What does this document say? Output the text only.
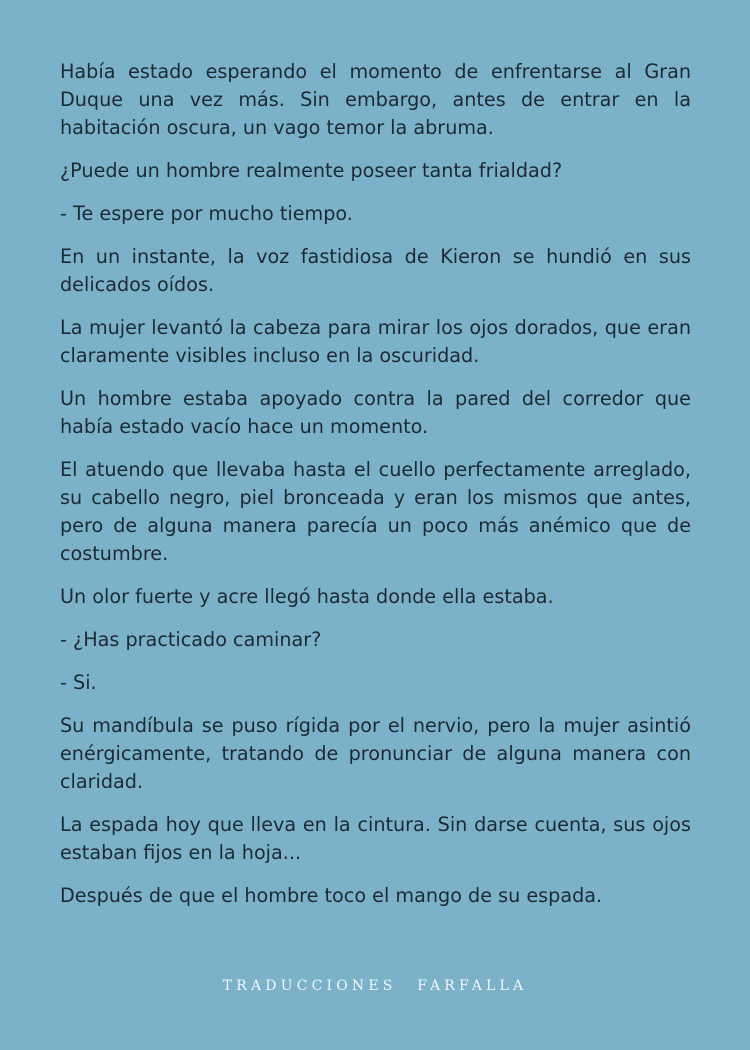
Había estado esperando el momento de enfrentarse al Gran Duque una vez más. Sin embargo, antes de entrar en la habitación oscura, un vago temor la abruma.

¿Puede un hombre realmente poseer tanta frialdad?

- Te espere por mucho tiempo.

En un instante, la voz fastidiosa de Kieron se hundió en sus delicados oídos.

La mujer levantó la cabeza para mirar los ojos dorados, que eran claramente visibles incluso en la oscuridad.

Un hombre estaba apoyado contra la pared del corredor que había estado vacío hace un momento.

El atuendo que llevaba hasta el cuello perfectamente arreglado, su cabello negro, piel bronceada y eran los mismos que antes, pero de alguna manera parecía un poco más anémico que de costumbre.

Un olor fuerte y acre llegó hasta donde ella estaba.

- ¿Has practicado caminar?

- Si.

Su mandíbula se puso rígida por el nervio, pero la mujer asintió enérgicamente, tratando de pronunciar de alguna manera con claridad.

La espada hoy que lleva en la cintura. Sin darse cuenta, sus ojos estaban fijos en la hoja...

Después de que el hombre toco el mango de su espada.

TRADUCCIONES FARFALLA
